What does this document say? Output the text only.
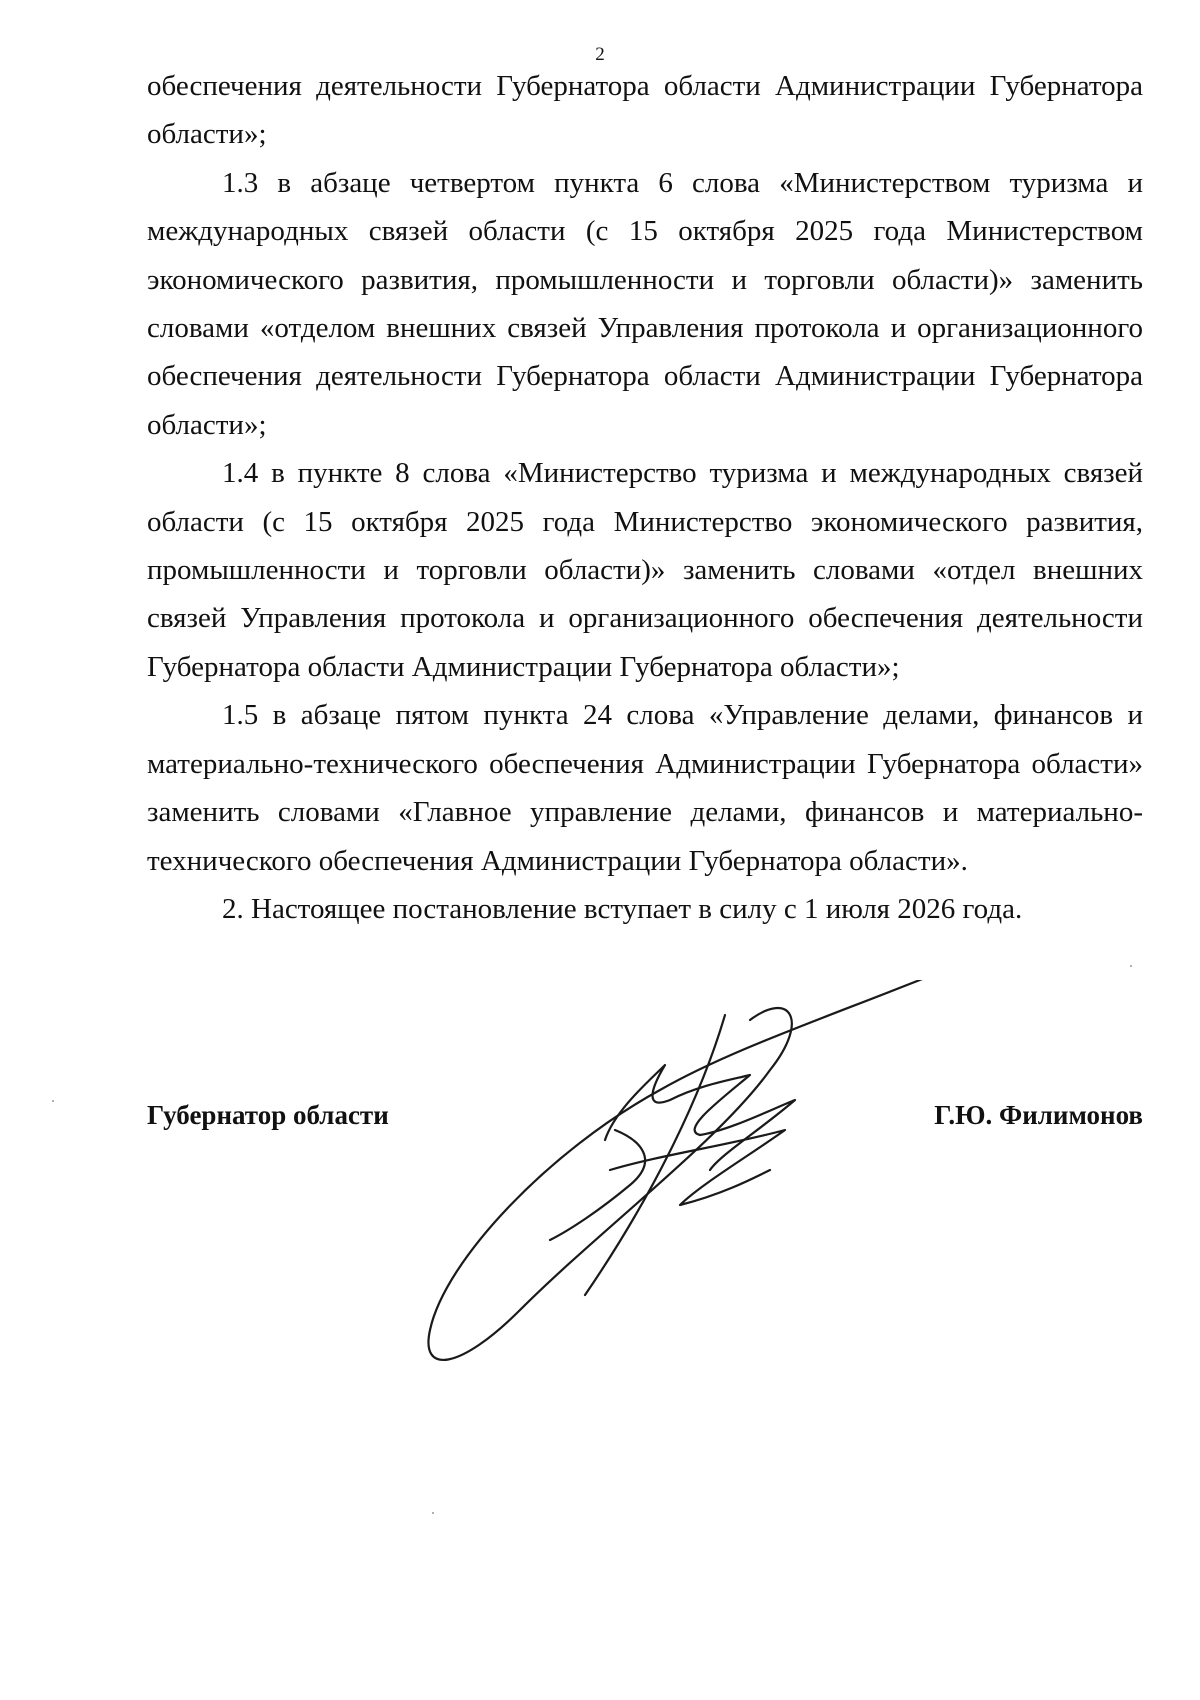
2

обеспечения деятельности Губернатора области Администрации Губернатора области»;

1.3 в абзаце четвертом пункта 6 слова «Министерством туризма и международных связей области (с 15 октября 2025 года Министерством экономического развития, промышленности и торговли области)» заменить словами «отделом внешних связей Управления протокола и организационного обеспечения деятельности Губернатора области Администрации Губернатора области»;

1.4 в пункте 8 слова «Министерство туризма и международных связей области (с 15 октября 2025 года Министерство экономического развития, промышленности и торговли области)» заменить словами «отдел внешних связей Управления протокола и организационного обеспечения деятельности Губернатора области Администрации Губернатора области»;

1.5 в абзаце пятом пункта 24 слова «Управление делами, финансов и материально-технического обеспечения Администрации Губернатора области» заменить словами «Главное управление делами, финансов и материально-технического обеспечения Администрации Губернатора области».

2. Настоящее постановление вступает в силу с 1 июля 2026 года.

Губернатор области	Г.Ю. Филимонов
